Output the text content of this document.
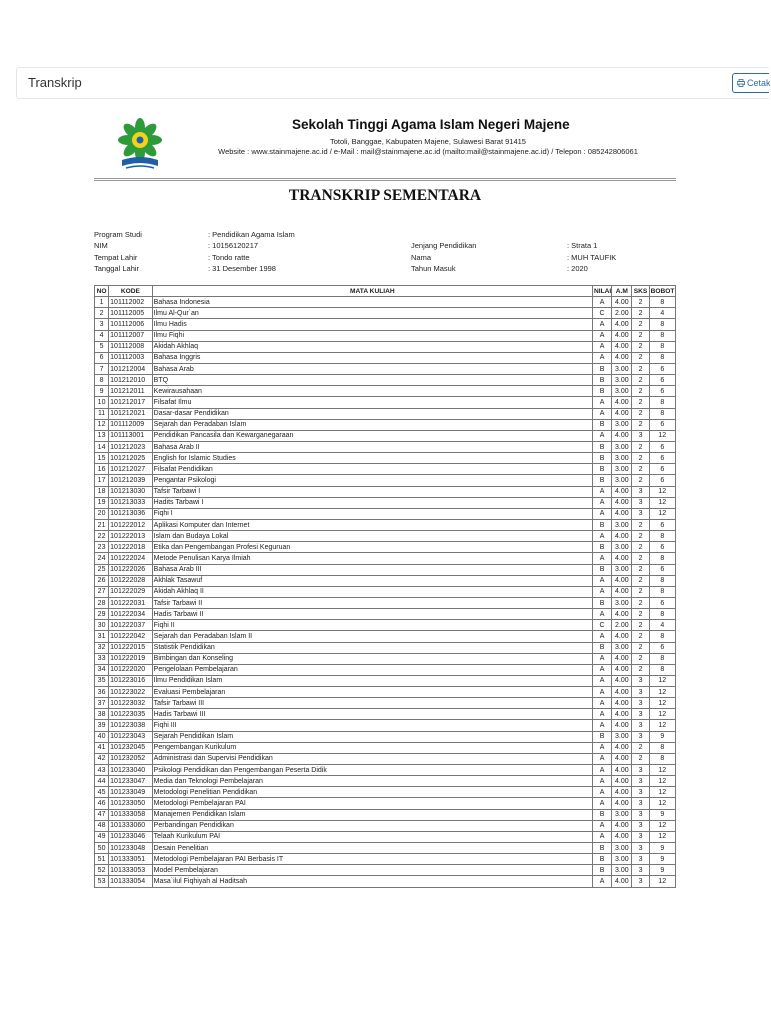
Transkrip	Cetak
Sekolah Tinggi Agama Islam Negeri Majene
Totoli, Banggae, Kabupaten Majene, Sulawesi Barat 91415
Website : www.stainmajene.ac.id / e-Mail : mail@stainmajene.ac.id (mailto:mail@stainmajene.ac.id) / Telepon : 085242806061
TRANSKRIP SEMENTARA
Program Studi	: Pendidikan Agama Islam
NIM	: 10156120217
Tempat Lahir	: Tondo ratte
Tanggal Lahir	: 31 Desember 1998
Jenjang Pendidikan	: Strata 1
Nama	: MUH TAUFIK
Tahun Masuk	: 2020
NO	KODE	MATA KULIAH	NILAI	A.M	SKS	BOBOT
1	101112002	Bahasa Indonesia	A	4.00	2	8
2	101112005	Ilmu Al-Qur`an	C	2.00	2	4
3	101112006	Ilmu Hadis	A	4.00	2	8
4	101112007	Ilmu Fiqhi	A	4.00	2	8
5	101112008	Akidah Akhlaq	A	4.00	2	8
6	101112003	Bahasa Inggris	A	4.00	2	8
7	101212004	Bahasa Arab	B	3.00	2	6
8	101212010	BTQ	B	3.00	2	6
9	101212011	Kewirausahaan	B	3.00	2	6
10	101212017	Filsafat Ilmu	A	4.00	2	8
11	101212021	Dasar-dasar Pendidikan	A	4.00	2	8
12	101112009	Sejarah dan Peradaban Islam	B	3.00	2	6
13	101113001	Pendidikan Pancasila dan Kewarganegaraan	A	4.00	3	12
14	101212023	Bahasa Arab II	B	3.00	2	6
15	101212025	English for Islamic Studies	B	3.00	2	6
16	101212027	Filsafat Pendidikan	B	3.00	2	6
17	101212039	Pengantar Psikologi	B	3.00	2	6
18	101213030	Tafsir Tarbawi I	A	4.00	3	12
19	101213033	Hadits Tarbawi I	A	4.00	3	12
20	101213036	Fiqhi I	A	4.00	3	12
21	101222012	Aplikasi Komputer dan Internet	B	3.00	2	6
22	101222013	Islam dan Budaya Lokal	A	4.00	2	8
23	101222018	Etika dan Pengembangan Profesi Keguruan	B	3.00	2	6
24	101222024	Metode Penulisan Karya Ilmiah	A	4.00	2	8
25	101222026	Bahasa Arab III	B	3.00	2	6
26	101222028	Akhlak Tasawuf	A	4.00	2	8
27	101222029	Akidah Akhlaq II	A	4.00	2	8
28	101222031	Tafsir Tarbawi II	B	3.00	2	6
29	101222034	Hadis Tarbawi II	A	4.00	2	8
30	101222037	Fiqhi II	C	2.00	2	4
31	101222042	Sejarah dan Peradaban Islam II	A	4.00	2	8
32	101222015	Statistik Pendidikan	B	3.00	2	6
33	101222019	Bimbingan dan Konseling	A	4.00	2	8
34	101222020	Pengelolaan Pembelajaran	A	4.00	2	8
35	101223016	Ilmu Pendidikan Islam	A	4.00	3	12
36	101223022	Evaluasi Pembelajaran	A	4.00	3	12
37	101223032	Tafsir Tarbawi III	A	4.00	3	12
38	101223035	Hadis Tarbawi III	A	4.00	3	12
39	101223038	Fiqhi III	A	4.00	3	12
40	101223043	Sejarah Pendidikan Islam	B	3.00	3	9
41	101232045	Pengembangan Kurikulum	A	4.00	2	8
42	101232052	Administrasi dan Supervisi Pendidikan	A	4.00	2	8
43	101233040	Psikologi Pendidikan dan Pengembangan Peserta Didik	A	4.00	3	12
44	101233047	Media dan Teknologi Pembelajaran	A	4.00	3	12
45	101233049	Metodologi Penelitian Pendidikan	A	4.00	3	12
46	101233050	Metodologi Pembelajaran PAI	A	4.00	3	12
47	101333058	Manajemen Pendidikan Islam	B	3.00	3	9
48	101333060	Perbandingan Pendidikan	A	4.00	3	12
49	101233046	Telaah Kurikulum PAI	A	4.00	3	12
50	101233048	Desain Penelitian	B	3.00	3	9
51	101333051	Metodologi Pembelajaran PAI Berbasis IT	B	3.00	3	9
52	101333053	Model Pembelajaran	B	3.00	3	9
53	101333054	Masa`ilul Fiqhiyah al Haditsah	A	4.00	3	12
